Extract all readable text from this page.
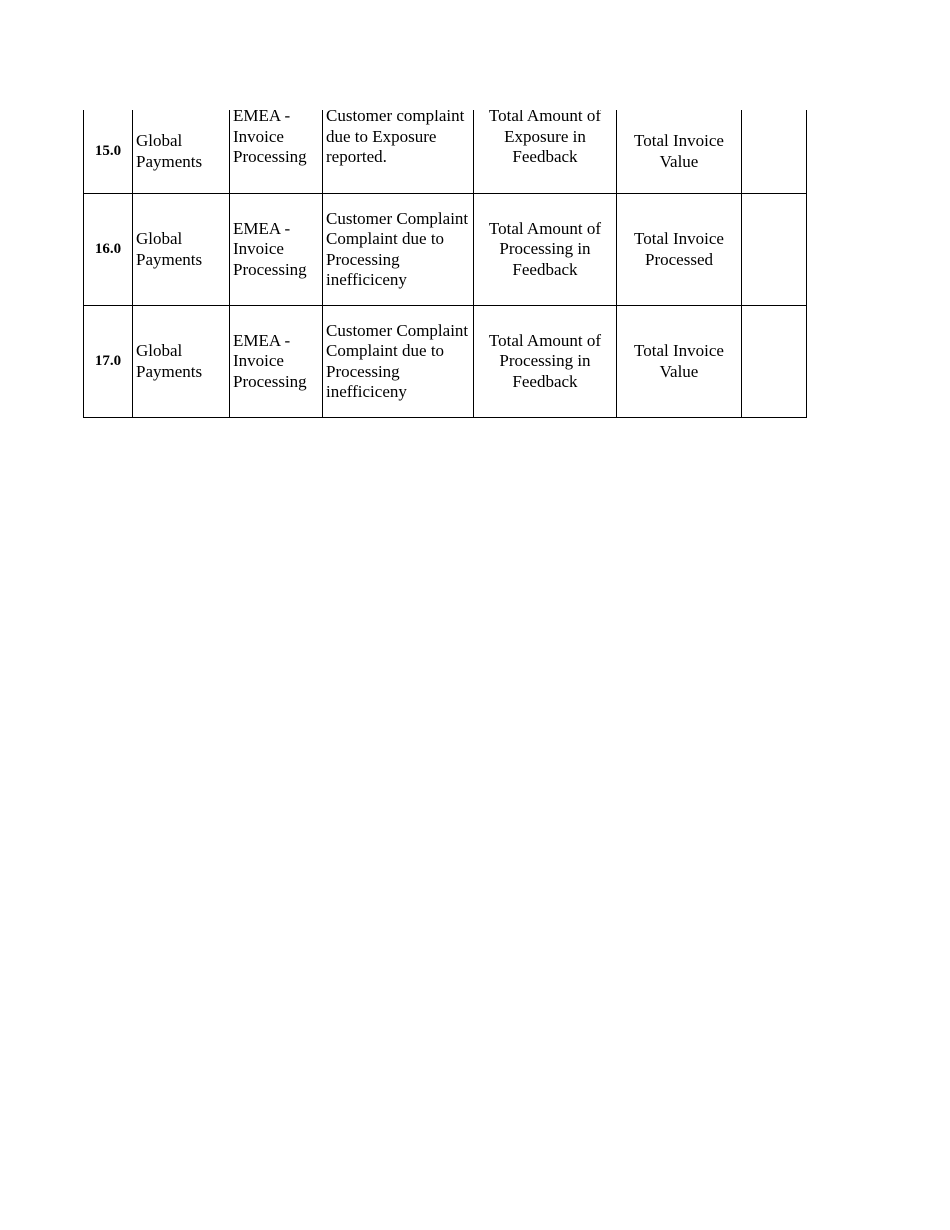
15.0	Global Payments	EMEA - Invoice Processing	Customer complaint due to Exposure reported.	Total Amount of Exposure in Feedback	Total Invoice Value	

16.0	Global Payments	EMEA - Invoice Processing	Customer Complaint Complaint due to Processing inefficiceny	Total Amount of Processing in Feedback	Total Invoice Processed	

17.0	Global Payments	EMEA - Invoice Processing	Customer Complaint Complaint due to Processing inefficiceny	Total Amount of Processing in Feedback	Total Invoice Value	
